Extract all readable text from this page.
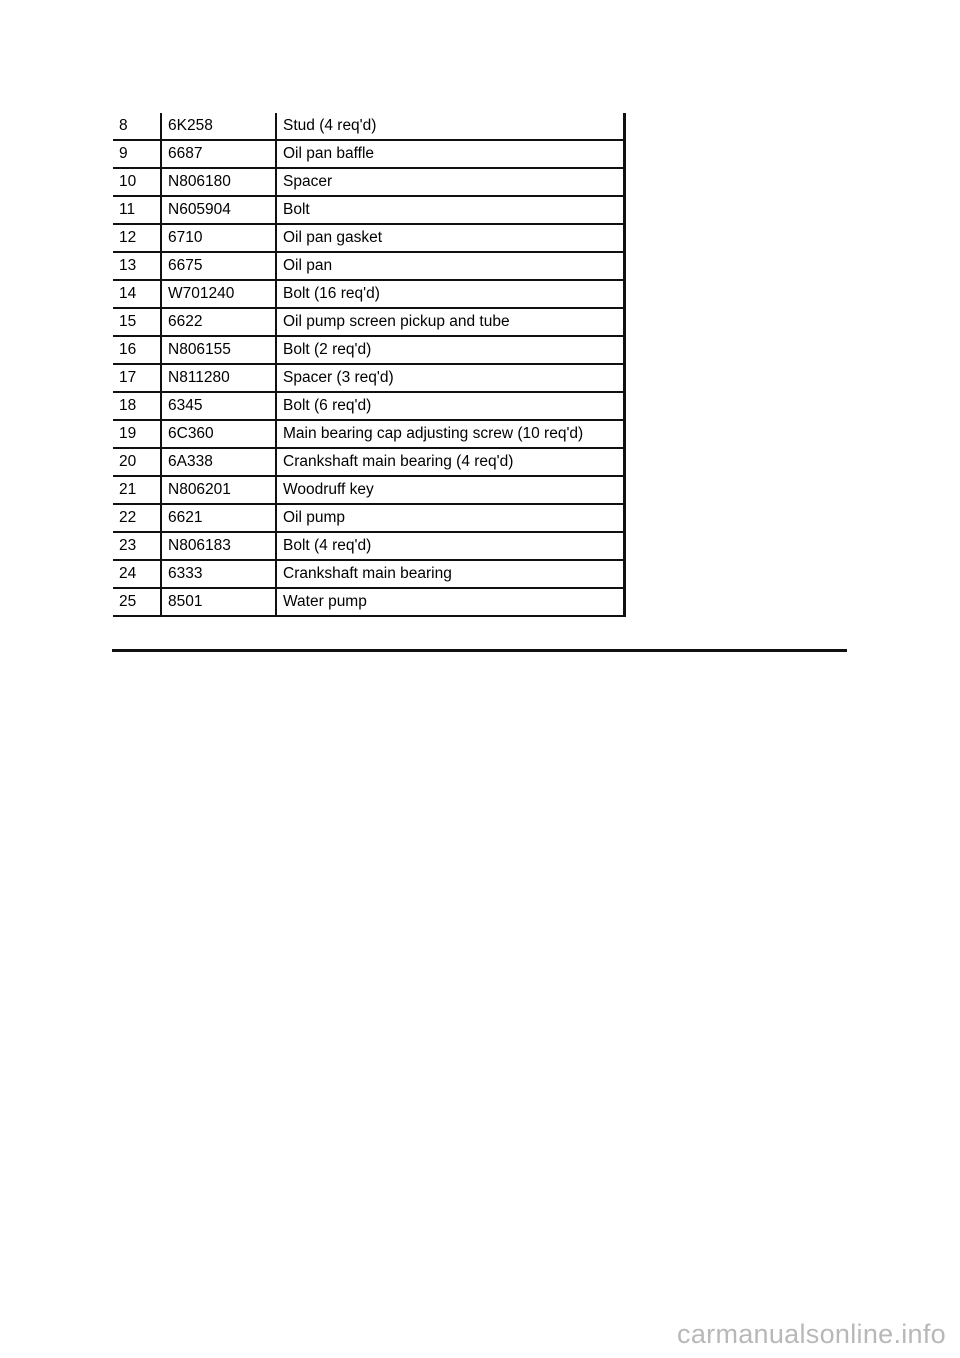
8	6K258	Stud (4 req'd)
9	6687	Oil pan baffle
10	N806180	Spacer
11	N605904	Bolt
12	6710	Oil pan gasket
13	6675	Oil pan
14	W701240	Bolt (16 req'd)
15	6622	Oil pump screen pickup and tube
16	N806155	Bolt (2 req'd)
17	N811280	Spacer (3 req'd)
18	6345	Bolt (6 req'd)
19	6C360	Main bearing cap adjusting screw (10 req'd)
20	6A338	Crankshaft main bearing (4 req'd)
21	N806201	Woodruff key
22	6621	Oil pump
23	N806183	Bolt (4 req'd)
24	6333	Crankshaft main bearing
25	8501	Water pump
carmanualsonline.info
